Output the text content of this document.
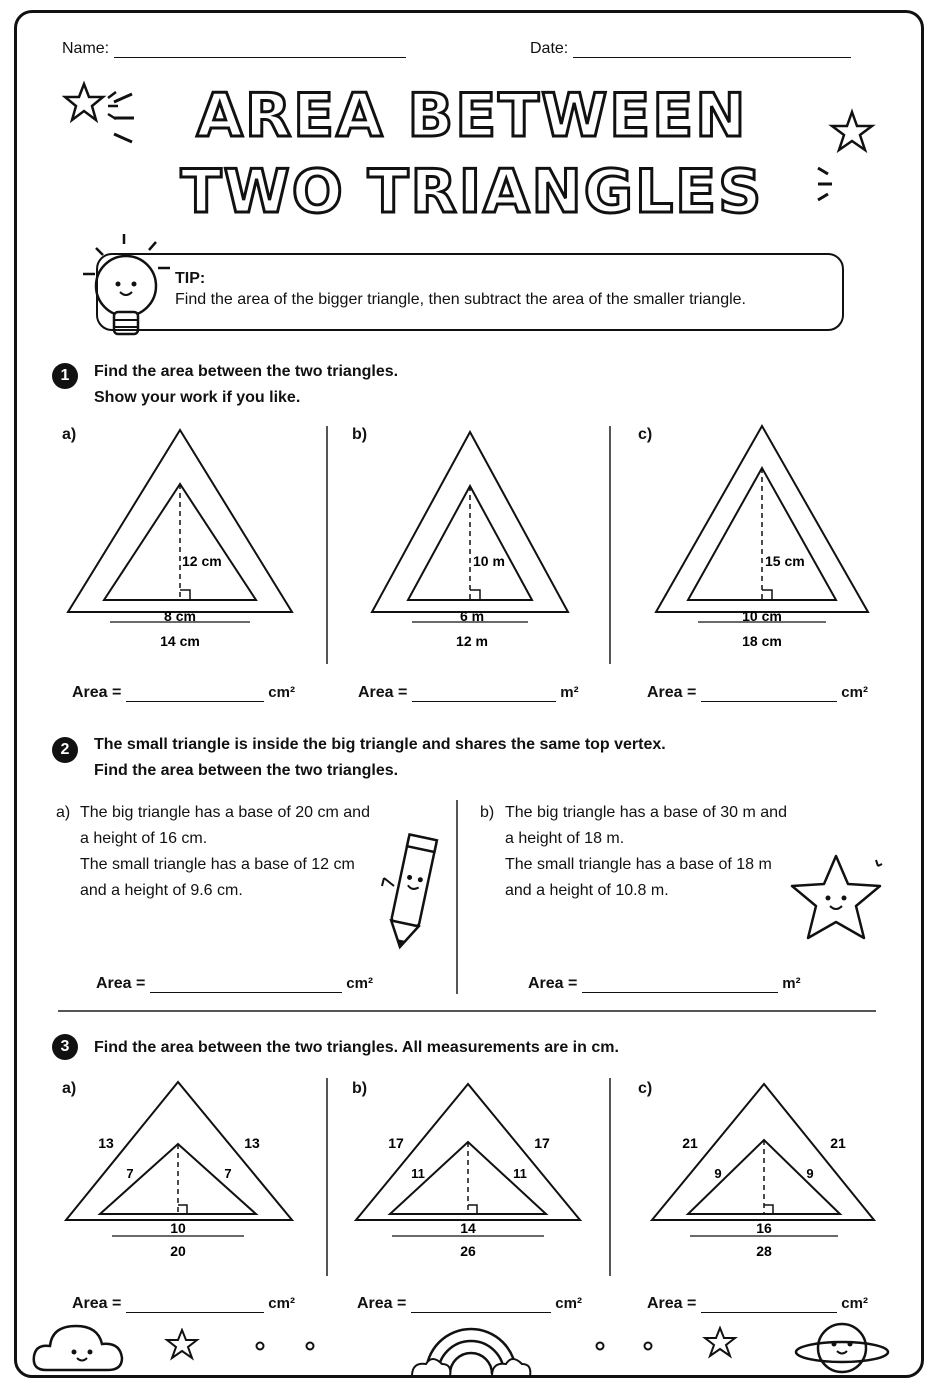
Name:	Date:
AREA BETWEEN
TWO TRIANGLES
TIP:
Find the area of the bigger triangle, then subtract the area of the smaller triangle.
1	Find the area between the two triangles.
Show your work if you like.
a)	b)	c)
12 cm
8 cm
14 cm
10 m
6 m
12 m
15 cm
10 cm
18 cm
Area =	cm²	Area =	m²	Area =	cm²
2	The small triangle is inside the big triangle and shares the same top vertex.
Find the area between the two triangles.
a) The big triangle has a base of 20 cm and
a height of 16 cm.
The small triangle has a base of 12 cm
and a height of 9.6 cm.
b) The big triangle has a base of 30 m and
a height of 18 m.
The small triangle has a base of 18 m
and a height of 10.8 m.
Area =	cm²	Area =	m²
3	Find the area between the two triangles. All measurements are in cm.
a)	b)	c)
13	13
7	7
10
20
17	17
11	11
14
26
21	21
9	9
16
28
Area =	cm²	Area =	cm²	Area =	cm²
